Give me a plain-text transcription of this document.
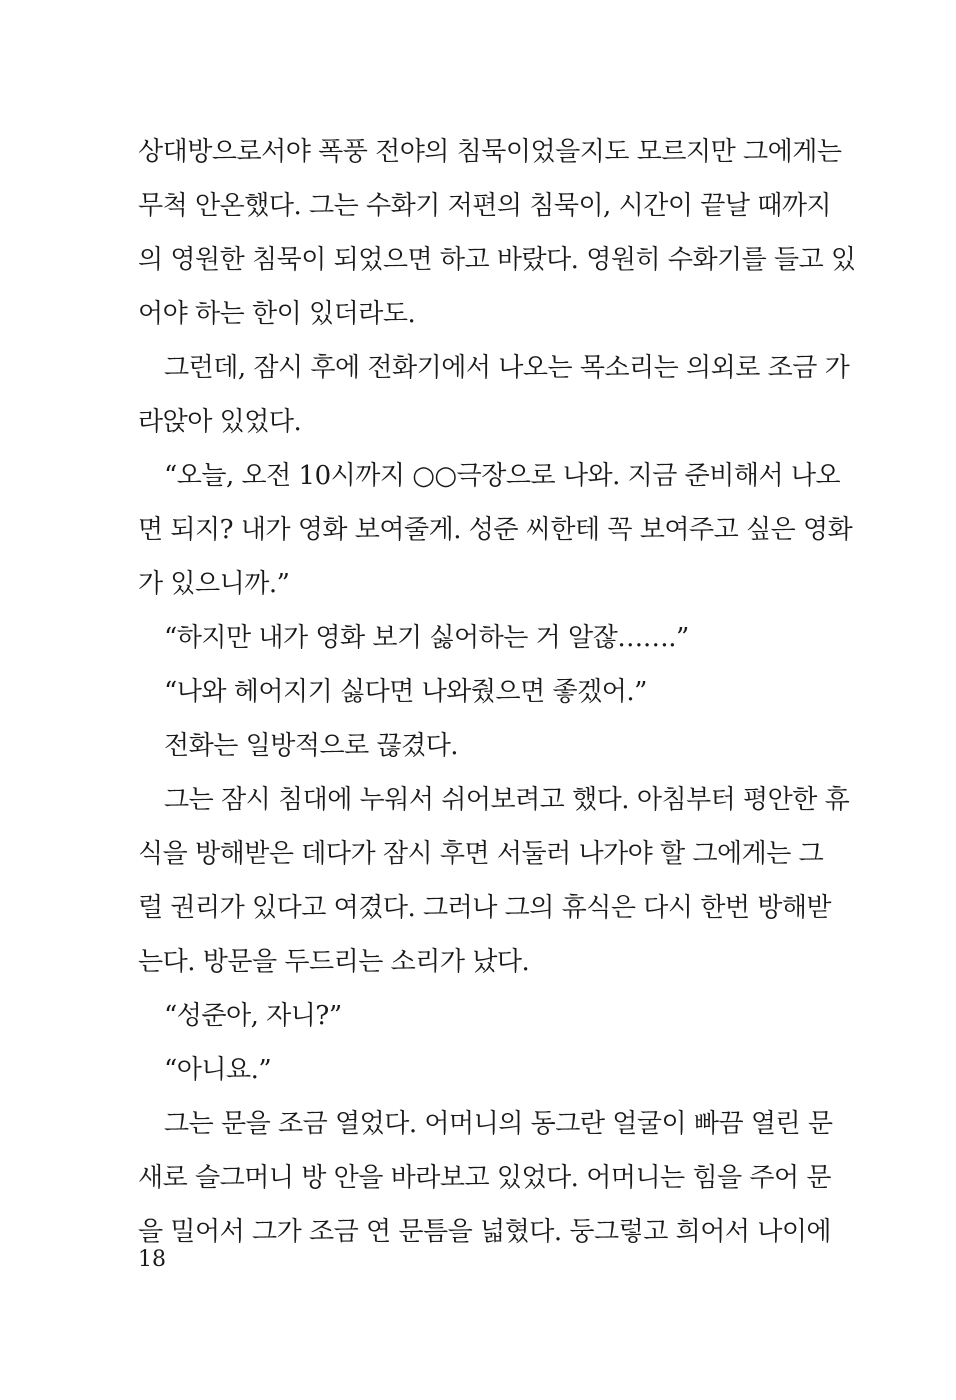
상대방으로서야 폭풍 전야의 침묵이었을지도 모르지만 그에게는
무척 안온했다. 그는 수화기 저편의 침묵이, 시간이 끝날 때까지
의 영원한 침묵이 되었으면 하고 바랐다. 영원히 수화기를 들고 있
어야 하는 한이 있더라도.
그런데, 잠시 후에 전화기에서 나오는 목소리는 의외로 조금 가
라앉아 있었다.
“오늘, 오전 10시까지 ○○극장으로 나와. 지금 준비해서 나오
면 되지? 내가 영화 보여줄게. 성준 씨한테 꼭 보여주고 싶은 영화
가 있으니까.”
“하지만 내가 영화 보기 싫어하는 거 알잖…….”
“나와 헤어지기 싫다면 나와줬으면 좋겠어.”
전화는 일방적으로 끊겼다.
그는 잠시 침대에 누워서 쉬어보려고 했다. 아침부터 평안한 휴
식을 방해받은 데다가 잠시 후면 서둘러 나가야 할 그에게는 그
럴 권리가 있다고 여겼다. 그러나 그의 휴식은 다시 한번 방해받
는다. 방문을 두드리는 소리가 났다.
“성준아, 자니?”
“아니요.”
그는 문을 조금 열었다. 어머니의 동그란 얼굴이 빠끔 열린 문
새로 슬그머니 방 안을 바라보고 있었다. 어머니는 힘을 주어 문
을 밀어서 그가 조금 연 문틈을 넓혔다. 둥그렇고 희어서 나이에
18
